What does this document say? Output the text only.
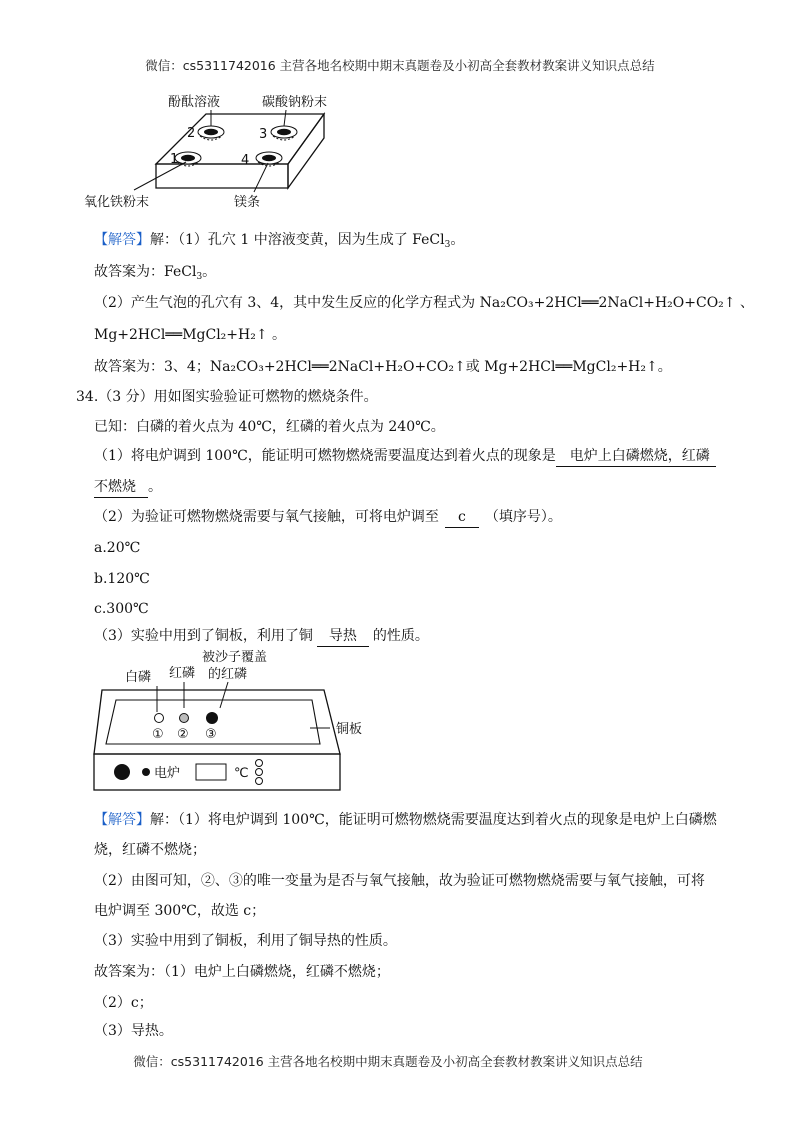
微信：cs5311742016 主营各地名校期中期末真题卷及小初高全套教材教案讲义知识点总结
2	3
1	4
酚酞溶液	碳酸钠粉末
氧化铁粉末	镁条
【解答】解：（1）孔穴 1 中溶液变黄，因为生成了 FeCl$_3$。
故答案为：FeCl$_3$。
（2）产生气泡的孔穴有 3、4，其中发生反应的化学方程式为 Na₂CO₃+2HCl══2NaCl+H₂O+CO₂↑ 、
Mg+2HCl══MgCl₂+H₂↑ 。
故答案为：3、4；Na₂CO₃+2HCl══2NaCl+H₂O+CO₂↑或 Mg+2HCl══MgCl₂+H₂↑。
34.（3 分）用如图实验验证可燃物的燃烧条件。
已知：白磷的着火点为 40℃，红磷的着火点为 240℃。
（1）将电炉调到 100℃，能证明可燃物燃烧需要温度达到着火点的现象是 电炉上白磷燃烧，红磷
不燃烧 。
（2）为验证可燃物燃烧需要与氧气接触，可将电炉调至 c （填序号）。
a.20℃
b.120℃
c.300℃
（3）实验中用到了铜板，利用了铜 导热 的性质。
被沙子覆盖
的红磷
红磷
白磷
① ② ③	铜板
电炉	℃
【解答】解：（1）将电炉调到 100℃，能证明可燃物燃烧需要温度达到着火点的现象是电炉上白磷燃
烧，红磷不燃烧；
（2）由图可知，②、③的唯一变量为是否与氧气接触，故为验证可燃物燃烧需要与氧气接触，可将
电炉调至 300℃，故选 c；
（3）实验中用到了铜板，利用了铜导热的性质。
故答案为：（1）电炉上白磷燃烧，红磷不燃烧；
（2）c；
（3）导热。
微信：cs5311742016 主营各地名校期中期末真题卷及小初高全套教材教案讲义知识点总结
